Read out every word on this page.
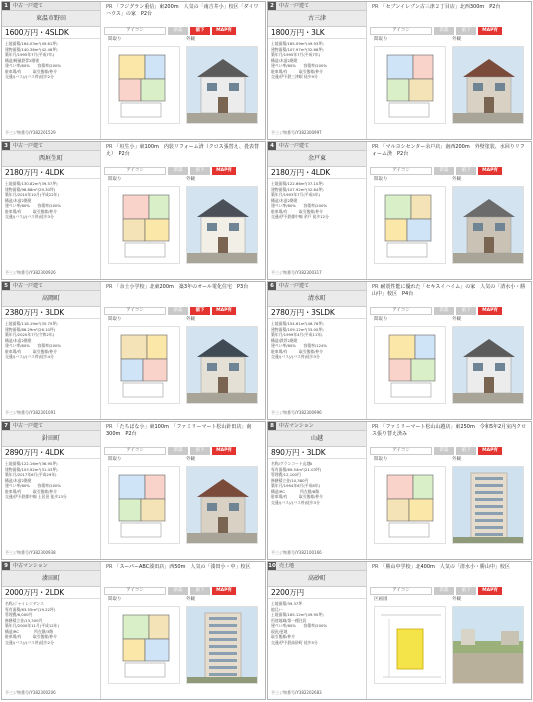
1	中古一戸建て
束温市野田
1600万円・4SLDK
土地面積/164.03m²(49.61坪)
建物面積/140.36m²(42.46坪)
築年月/1995年7月(平成7年)
構造/軽量鉄骨2階建
建ぺい率/60%　　容積率/200%
駐車場/有　　　取引態様/仲介
交通/(バス)/(バス停)徒歩2分
不三ジ物番号/Y382201529
PR 「フジグラン重信」東200m　人気の「南吉井小」校区「ダイワハウス」の家　P2台
アイコン	新築	値下	MAP有
間取り	外観
2	中古一戸建て
古三津
1800万円・3LK
土地面積/165.09m²(49.93坪)
建物面積/107.97m²(32.66坪)
築年月/1995年7月(平成7年)
構造/木造2階建
建ぺい率/60%　　容積率/200%
駐車場/有　　　取引態様/仲介
交通/伊予鉄三津駅 徒歩9分
不三ジ物番号/Y382300997
PR 「セブンイレブン古三津２丁目店」北西300m　P2台
アイコン	新築	値下	MAP有
間取り	外観
3	中古一戸建て
西垣生町
2180万円・4LDK
土地面積/130.82m²(39.57坪)
建物面積/96.88m²(29.30坪)
築年月/2010年10月(平成22年)
構造/木造2階建
建ぺい率/60%　　容積率/200%
駐車場/有　　　取引態様/仲介
交通/(バス)/(バス停)徒歩3分
不三ジ物番号/Y382300926
PR 「垣生小」東100m　内装リフォーム済（クロス張替え、畳表替え）　P2台
アイコン	新築	値下	MAP有
間取り	外観
4	中古一戸建て
余戸東
2180万円・4LDK
土地面積/122.66m²(37.10坪)
建物面積/107.92m²(32.64坪)
築年月/1993年7月(平成5年)
構造/木造2階建
建ぺい率/60%　　容積率/200%
駐車場/有　　　取引態様/仲介
交通/伊予鉄郡中線 余戸 徒歩12分
不三ジ物番号/Y382300317
PR 「マルヨシセンター余戸店」南西200m　外壁塗装、水回りリフォーム済　P2台
アイコン	新築	値下	MAP有
間取り	外観
5	中古一戸建て
高岡町
2380万円・3LDK
土地面積/118.19m²(35.75坪)
建物面積/86.29m²(26.10坪)
築年月/2020年7月(令和2年)
構造/木造2階建
建ぺい率/60%　　容積率/200%
駐車場/有　　　取引態様/仲介
交通/(バス)/(バス停)徒歩4分
不三ジ物番号/Y382301091
PR 「余土小学校」北東200m　築3年のオール電化住宅　P3台
アイコン	新築	値下	MAP有
間取り	外観
6	中古一戸建て
清水町
2780万円・3SLDK
土地面積/154.61m²(46.76坪)
建物面積/109.12m²(33.00坪)
築年月/1999年4月(平成11年)
構造/鉄骨2階建
建ぺい率/60%　　容積率/124%
駐車場/有　　　取引態様/仲介
交通/(バス)/(バス停)徒歩3分
不三ジ物番号/Y382300996
PR 耐震性能に優れた「セキスイハイム」の家　人気の「清水小・勝山中」校区　P4台
アイコン	新築	値下	MAP有
間取り	外観
7	中古一戸建て
針田町
2890万円・4LDK
土地面積/122.16m²(36.95坪)
建物面積/103.92m²(31.43坪)
築年月/2017年6月(平成29年)
構造/木造2階建
建ぺい率/60%　　容積率/200%
駐車場/有　　　取引態様/仲介
交通/伊予鉄郡中線 土居田 徒歩13分
不三ジ物番号/Y382300938
PR 「たちばな小」東100m　「ファミリーマート松山針田店」南300m　P2台
アイコン	新築	値下	MAP有
間取り	外観
8	中古マンション
山越
890万円・3LDK
名称/グランコート山越Ⅱ
専有面積/69.54m²(21.03坪)
管理費/12,100円
修繕積立金/10,380円
築年月/1994年6月(平成6年)
構造/RC　　　　所在階/8階
駐車場/有　　　取引態様/仲介
交通/(バス)/(バス停)徒歩3分
不三ジ物番号/Y382100166
PR 「ファミリーマート松山山越店」東250m　令和5年2月室内クロス張り替え済み
アイコン	新築	値下	MAP有
間取り	外観
9	中古マンション
湊田町
2000万円・2LDK
名称/ジャイレジデンス
専有面積/63.55m²(19.22坪)
管理費/6,000円
修繕積立金/13,300円
築年月/2000年11月(平成12年)
構造/RC　　　　所在階/3階
駐車場/有　　　取引態様/仲介
交通/(バス)/(バス停)徒歩2分
不三ジ物番号/Y382300206
PR 「スーパーABC湊田店」西50m　人気の「湊田小・中」校区
アイコン	新築	値下	MAP有
間取り	外観
10 売土地
高砂町
2200万円
土地面積/39.37坪
地目/－
土地面積/165.12m²(49.95坪)
用途地域/第一種住居
建ぺい率/60%　　容積率/200%
現況/更地
取引態様/仲介
交通/伊予鉄高砂町 徒歩5分
不三ジ物番号/Y382202683
PR 「勝山中学校」北400m　人気の「清水小・勝山中」校区
アイコン	新築	値下	MAP有
区画図	外観
